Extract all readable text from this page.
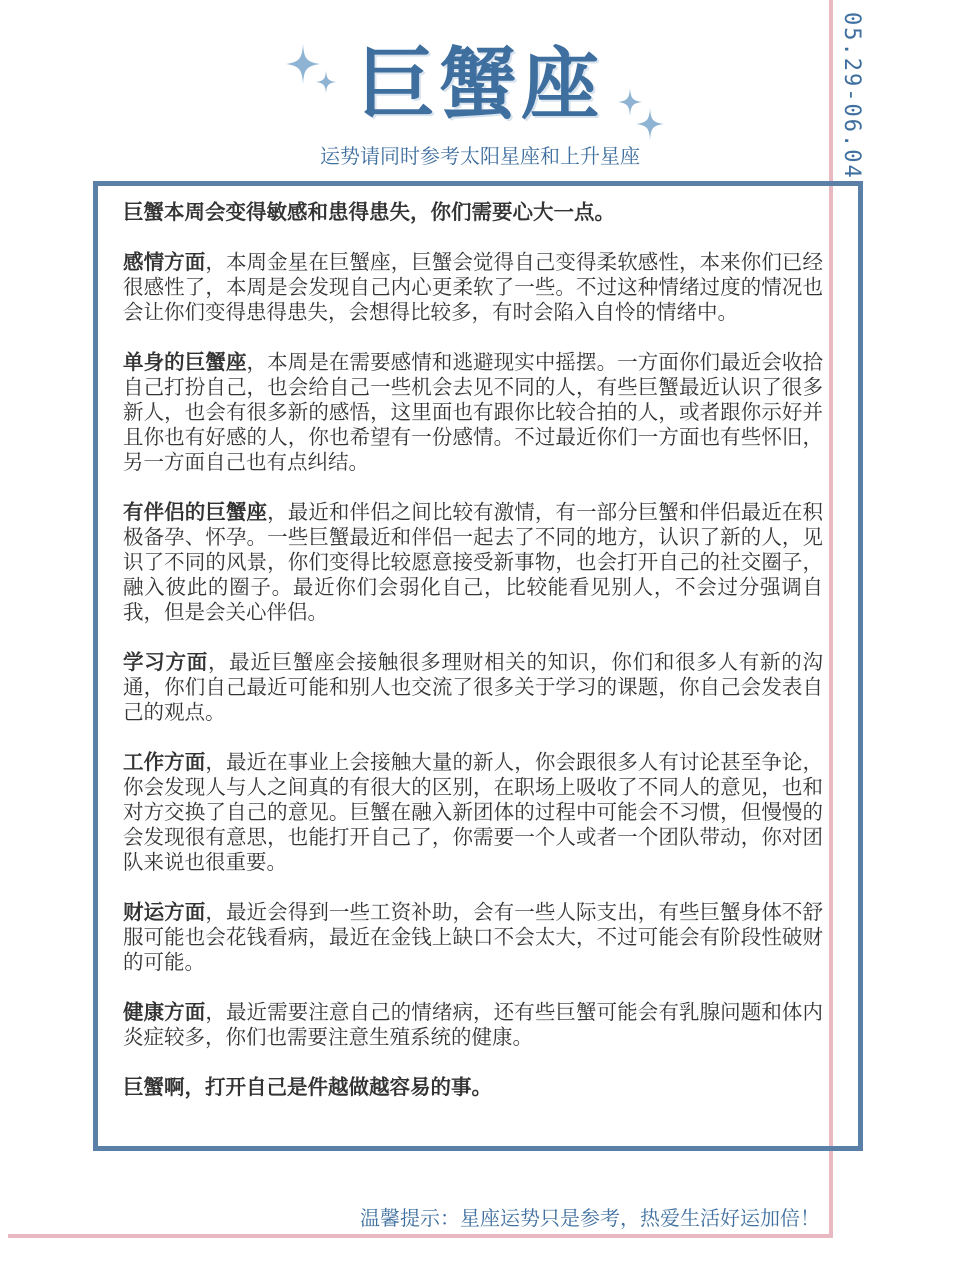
巨蟹座
运势请同时参考太阳星座和上升星座	05.29-06.04

巨蟹本周会变得敏感和患得患失，你们需要心大一点。

感情方面，本周金星在巨蟹座，巨蟹会觉得自己变得柔软感性，本来你们已经很感性了，本周是会发现自己内心更柔软了一些。不过这种情绪过度的情况也会让你们变得患得患失，会想得比较多，有时会陷入自怜的情绪中。

单身的巨蟹座，本周是在需要感情和逃避现实中摇摆。一方面你们最近会收拾自己打扮自己，也会给自己一些机会去见不同的人，有些巨蟹最近认识了很多新人，也会有很多新的感悟，这里面也有跟你比较合拍的人，或者跟你示好并且你也有好感的人，你也希望有一份感情。不过最近你们一方面也有些怀旧，另一方面自己也有点纠结。

有伴侣的巨蟹座，最近和伴侣之间比较有激情，有一部分巨蟹和伴侣最近在积极备孕、怀孕。一些巨蟹最近和伴侣一起去了不同的地方，认识了新的人，见识了不同的风景，你们变得比较愿意接受新事物，也会打开自己的社交圈子，融入彼此的圈子。最近你们会弱化自己，比较能看见别人，不会过分强调自我，但是会关心伴侣。

学习方面，最近巨蟹座会接触很多理财相关的知识，你们和很多人有新的沟通，你们自己最近可能和别人也交流了很多关于学习的课题，你自己会发表自己的观点。

工作方面，最近在事业上会接触大量的新人，你会跟很多人有讨论甚至争论，你会发现人与人之间真的有很大的区别，在职场上吸收了不同人的意见，也和对方交换了自己的意见。巨蟹在融入新团体的过程中可能会不习惯，但慢慢的会发现很有意思，也能打开自己了，你需要一个人或者一个团队带动，你对团队来说也很重要。

财运方面，最近会得到一些工资补助，会有一些人际支出，有些巨蟹身体不舒服可能也会花钱看病，最近在金钱上缺口不会太大，不过可能会有阶段性破财的可能。

健康方面，最近需要注意自己的情绪病，还有些巨蟹可能会有乳腺问题和体内炎症较多，你们也需要注意生殖系统的健康。

巨蟹啊，打开自己是件越做越容易的事。

温馨提示：星座运势只是参考，热爱生活好运加倍！
